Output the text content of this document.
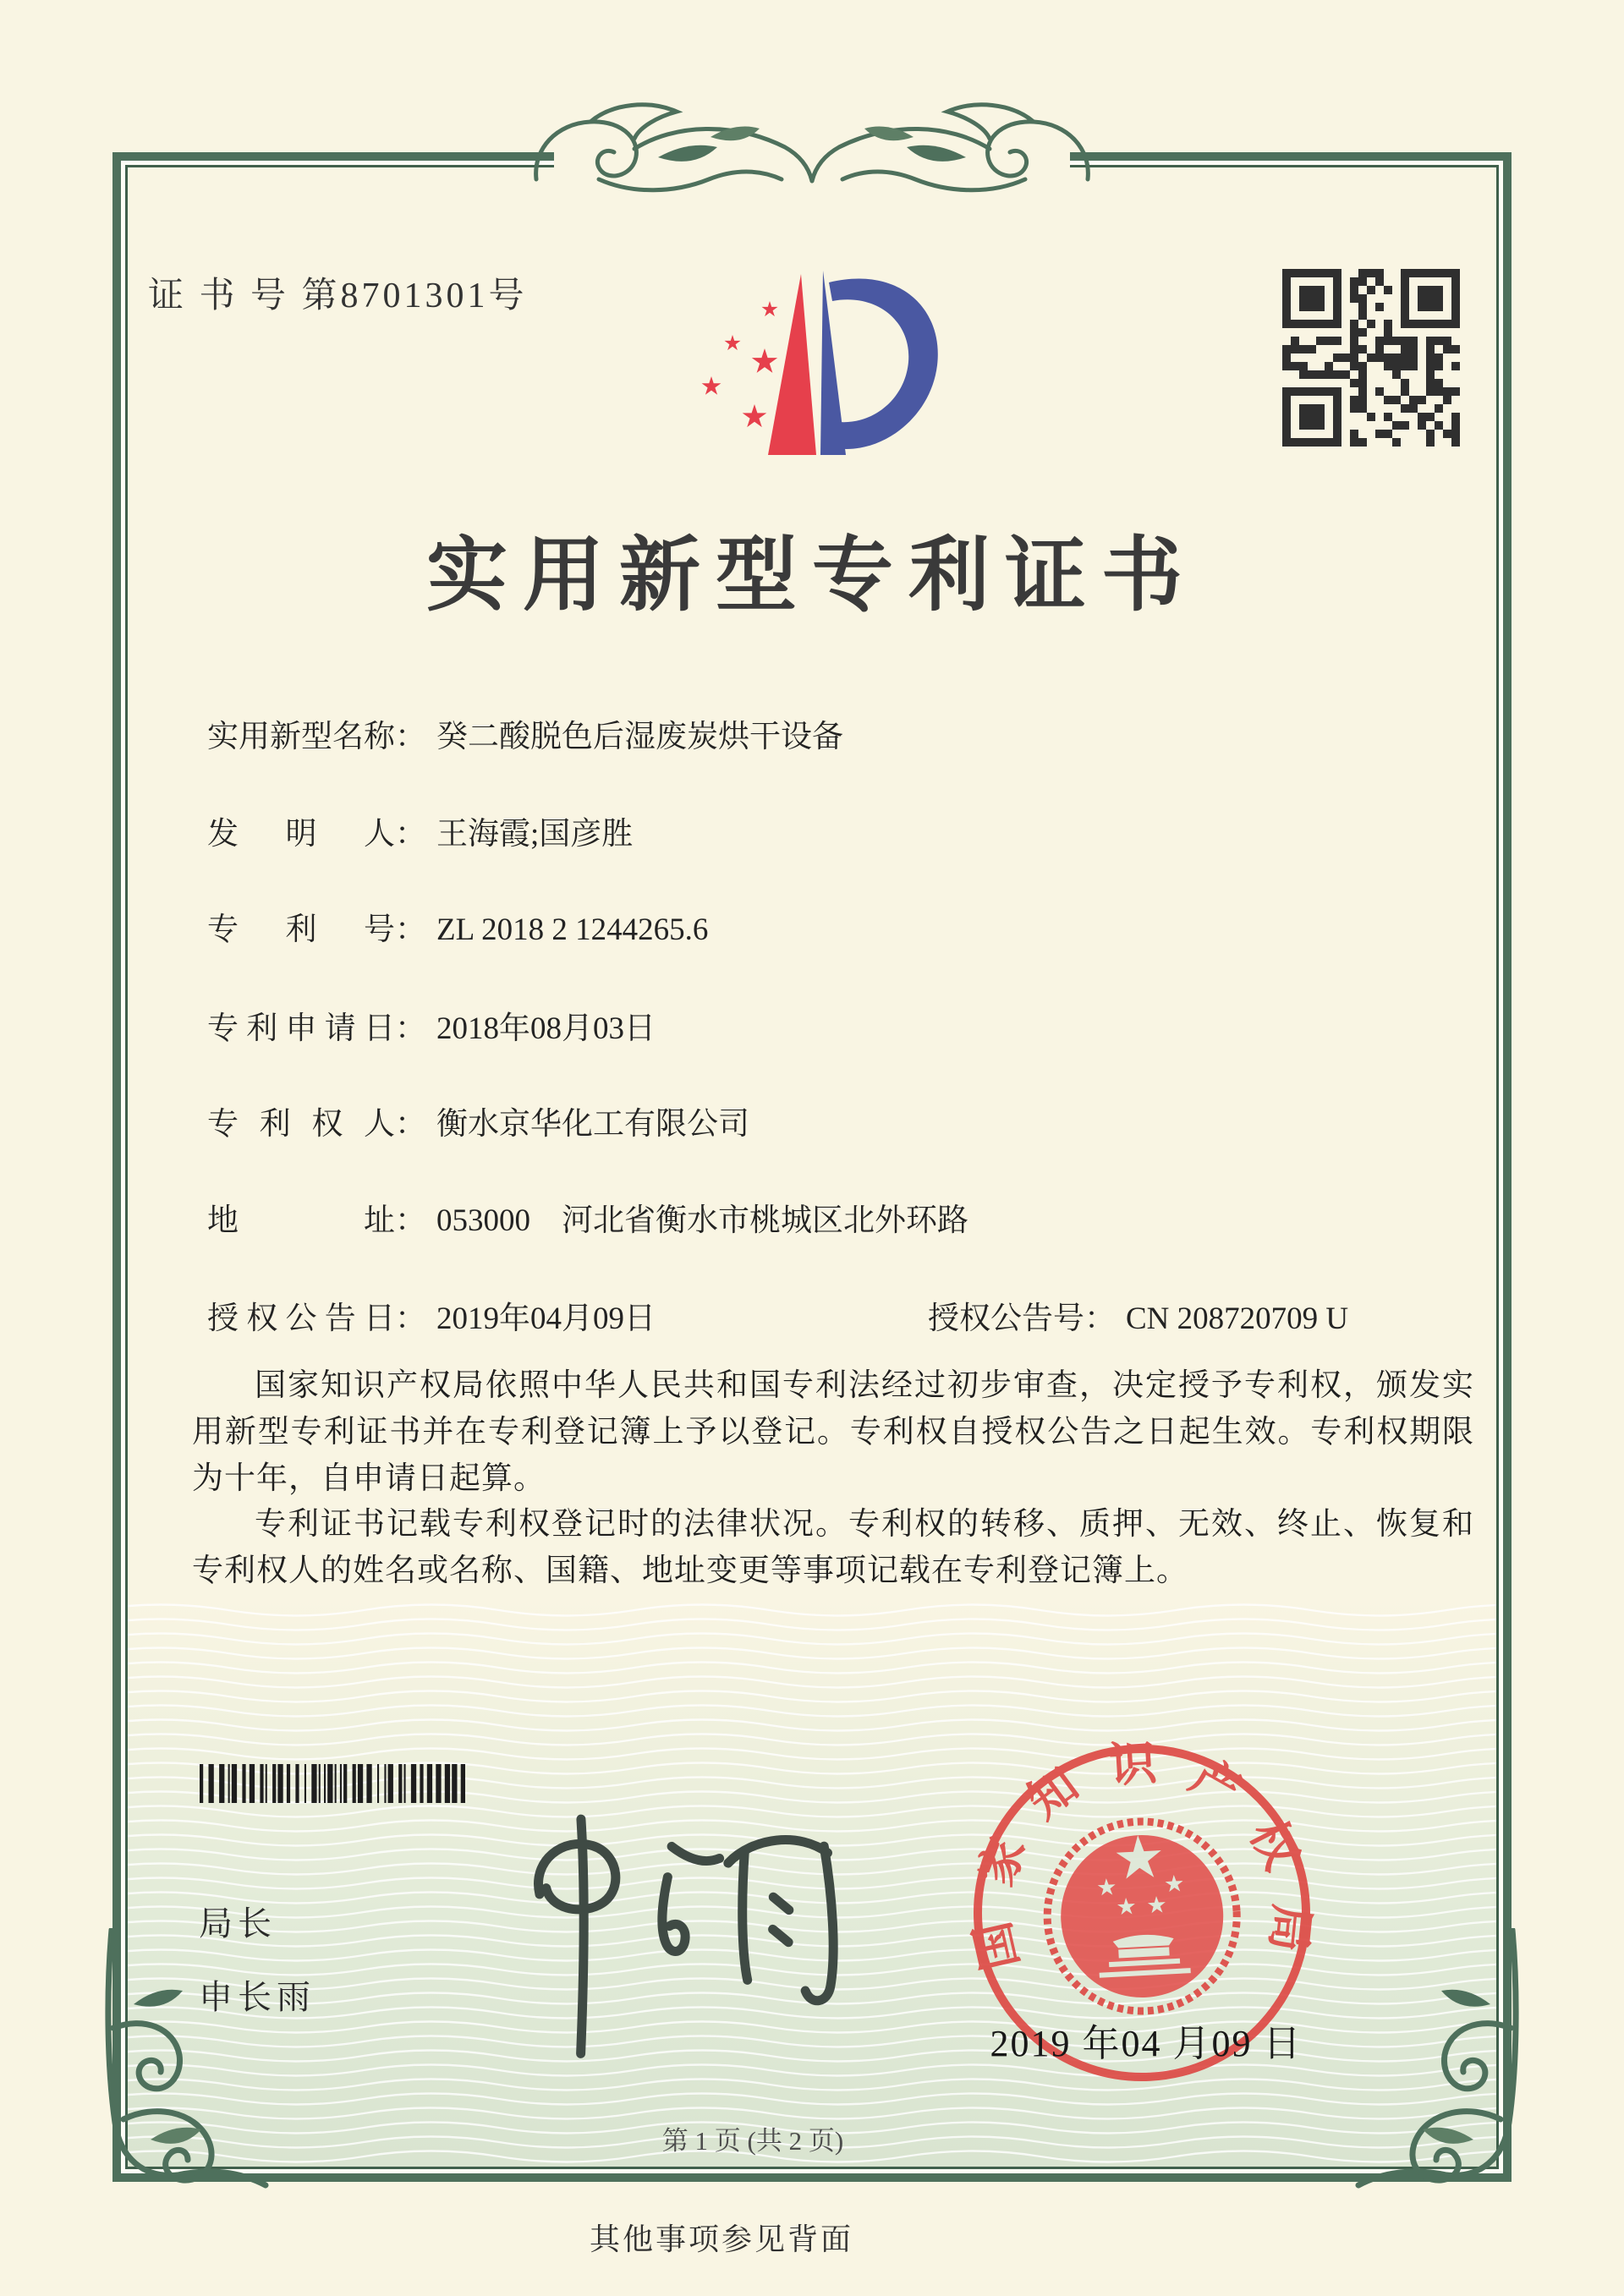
证 书 号 第8701301号
实用新型专利证书
实用新型名称： 癸二酸脱色后湿废炭烘干设备
发明人： 王海霞;国彦胜
专利号： ZL 2018 2 1244265.6
专利申请日： 2018年08月03日
专利权人： 衡水京华化工有限公司
地址： 053000　河北省衡水市桃城区北外环路
授权公告日： 2019年04月09日	授权公告号： CN 208720709 U

国家知识产权局依照中华人民共和国专利法经过初步审查，决定授予专利权，颁发实用新型专利证书并在专利登记簿上予以登记。专利权自授权公告之日起生效。专利权期限为十年，自申请日起算。

专利证书记载专利权登记时的法律状况。专利权的转移、质押、无效、终止、恢复和专利权人的姓名或名称、国籍、地址变更等事项记载在专利登记簿上。

局长
申长雨
国家知识产权局
2019 年04 月09 日
第 1 页 (共 2 页)
其他事项参见背面
